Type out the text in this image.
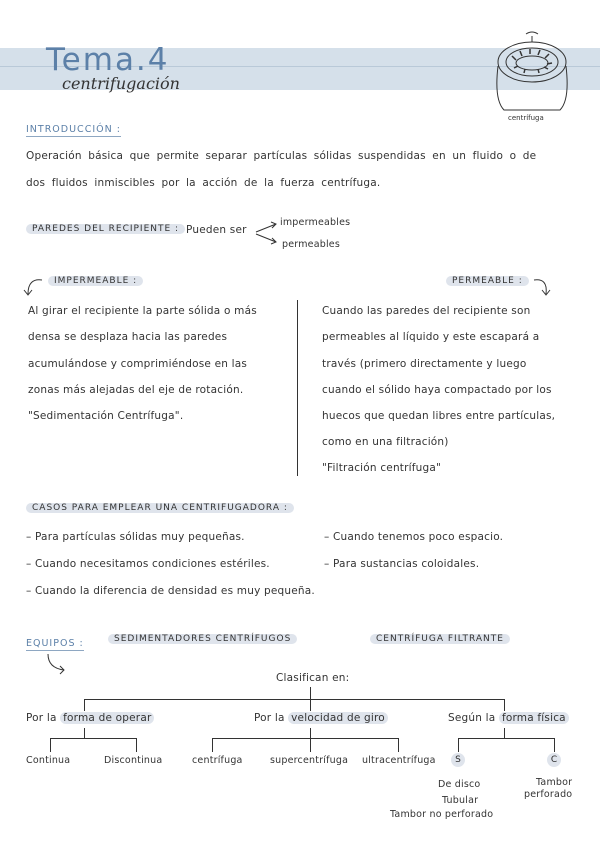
Tema.4
centrifugación
centrífuga
INTRODUCCIÓN :
Operación básica que permite separar partículas sólidas suspendidas en un fluido o de
dos fluidos inmiscibles por la acción de la fuerza centrífuga.
PAREDES DEL RECIPIENTE : Pueden ser
impermeables
permeables
IMPERMEABLE :
Al girar el recipiente la parte sólida o más
densa se desplaza hacia las paredes
acumulándose y comprimiéndose en las
zonas más alejadas del eje de rotación.
"Sedimentación Centrífuga".
PERMEABLE :
Cuando las paredes del recipiente son
permeables al líquido y este escapará a
través (primero directamente y luego
cuando el sólido haya compactado por los
huecos que quedan libres entre partículas,
como en una filtración)
"Filtración centrífuga"
CASOS PARA EMPLEAR UNA CENTRIFUGADORA :
– Para partículas sólidas muy pequeñas.
– Cuando necesitamos condiciones estériles.
– Cuando la diferencia de densidad es muy pequeña.
– Cuando tenemos poco espacio.
– Para sustancias coloidales.
EQUIPOS :	SEDIMENTADORES CENTRÍFUGOS	CENTRÍFUGA FILTRANTE
Clasifican en:
Por la forma de operar	Por la velocidad de giro	Según la forma física
Continua	Discontinua	centrífuga	supercentrífuga ultracentrífuga	S	C
De disco
Tubular
Tambor no perforado
Tambor
perforado
